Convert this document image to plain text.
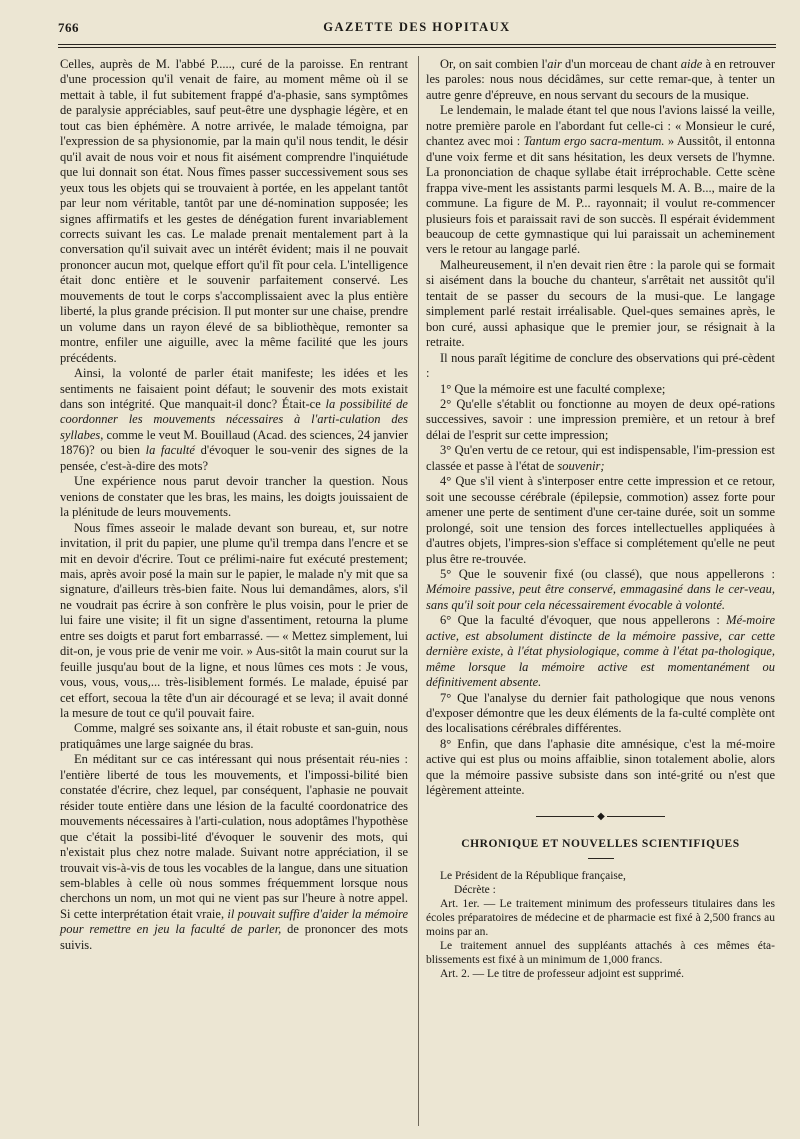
766	GAZETTE DES HOPITAUX

Celles, auprès de M. l'abbé P....., curé de la paroisse. En rentrant d'une procession qu'il venait de faire, au moment même où il se mettait à table, il fut subitement frappé d'a-phasie, sans symptômes de paralysie appréciables, sauf peut-être une dysphagie légère, et en tout cas bien éphémère. A notre arrivée, le malade témoigna, par l'expression de sa physionomie, par la main qu'il nous tendit, le désir qu'il avait de nous voir et nous fit aisément comprendre l'inquiétude que lui donnait son état. Nous fîmes passer successivement sous ses yeux tous les objets qui se trouvaient à portée, en les appelant tantôt par leur nom véritable, tantôt par une dé-nomination supposée; les signes affirmatifs et les gestes de dénégation furent invariablement corrects suivant les cas. Le malade prenait mentalement part à la conversation qu'il suivait avec un intérêt évident; mais il ne pouvait prononcer aucun mot, quelque effort qu'il fît pour cela. L'intelligence était donc entière et le souvenir parfaitement conservé. Les mouvements de tout le corps s'accomplissaient avec la plus entière liberté, la plus grande précision. Il put monter sur une chaise, prendre un volume dans un rayon élevé de sa bibliothèque, remonter sa montre, enfiler une aiguille, avec la même facilité que les jours précédents.

Ainsi, la volonté de parler était manifeste; les idées et les sentiments ne faisaient point défaut; le souvenir des mots existait dans son intégrité. Que manquait-il donc? Était-ce la possibilité de coordonner les mouvements nécessaires à l'arti-culation des syllabes, comme le veut M. Bouillaud (Acad. des sciences, 24 janvier 1876)? ou bien la faculté d'évoquer le sou-venir des signes de la pensée, c'est-à-dire des mots?

Une expérience nous parut devoir trancher la question. Nous venions de constater que les bras, les mains, les doigts jouissaient de la plénitude de leurs mouvements.

Nous fîmes asseoir le malade devant son bureau, et, sur notre invitation, il prit du papier, une plume qu'il trempa dans l'encre et se mit en devoir d'écrire. Tout ce prélimi-naire fut exécuté prestement; mais, après avoir posé la main sur le papier, le malade n'y mit que sa signature, d'ailleurs très-bien faite. Nous lui demandâmes, alors, s'il ne voudrait pas écrire à son confrère le plus voisin, pour le prier de lui faire une visite; il fit un signe d'assentiment, retourna la plume entre ses doigts et parut fort embarrassé. — « Mettez simplement, lui dit-on, je vous prie de venir me voir. » Aus-sitôt la main courut sur la feuille jusqu'au bout de la ligne, et nous lûmes ces mots : Je vous, vous, vous, vous,... très-lisiblement formés. Le malade, épuisé par cet effort, secoua la tête d'un air découragé et se leva; il avait donné la mesure de tout ce qu'il pouvait faire.

Comme, malgré ses soixante ans, il était robuste et san-guin, nous pratiquâmes une large saignée du bras.

En méditant sur ce cas intéressant qui nous présentait réu-nies : l'entière liberté de tous les mouvements, et l'impossi-bilité bien constatée d'écrire, chez lequel, par conséquent, l'aphasie ne pouvait résider toute entière dans une lésion de la faculté coordonatrice des mouvements nécessaires à l'arti-culation, nous adoptâmes l'hypothèse que c'était la possibi-lité d'évoquer le souvenir des mots, qui n'existait plus chez notre malade. Suivant notre appréciation, il se trouvait vis-à-vis de tous les vocables de la langue, dans une situation sem-blables à celle où nous sommes fréquemment lorsque nous cherchons un nom, un mot qui ne vient pas sur l'heure à notre appel. Si cette interprétation était vraie, il pouvait suffire d'aider la mémoire pour remettre en jeu la faculté de parler, de prononcer des mots suivis.

Or, on sait combien l'air d'un morceau de chant aide à en retrouver les paroles: nous nous décidâmes, sur cette remar-que, à tenter un autre genre d'épreuve, en nous servant du secours de la musique.

Le lendemain, le malade étant tel que nous l'avions laissé la veille, notre première parole en l'abordant fut celle-ci : « Monsieur le curé, chantez avec moi : Tantum ergo sacra-mentum. » Aussitôt, il entonna d'une voix ferme et dit sans hésitation, les deux versets de l'hymne. La prononciation de chaque syllabe était irréprochable. Cette scène frappa vive-ment les assistants parmi lesquels M. A. B..., maire de la commune. La figure de M. P... rayonnait; il voulut re-commencer plusieurs fois et paraissait ravi de son succès. Il espérait évidemment beaucoup de cette gymnastique qui lui paraissait un acheminement vers le retour au langage parlé.

Malheureusement, il n'en devait rien être : la parole qui se formait si aisément dans la bouche du chanteur, s'arrêtait net aussitôt qu'il tentait de se passer du secours de la musi-que. Le langage simplement parlé restait irréalisable. Quel-ques semaines après, le bon curé, aussi aphasique que le premier jour, se résignait à la retraite.

Il nous paraît légitime de conclure des observations qui pré-cèdent :

1° Que la mémoire est une faculté complexe;

2° Qu'elle s'établit ou fonctionne au moyen de deux opé-rations successives, savoir : une impression première, et un retour à bref délai de l'esprit sur cette impression;

3° Qu'en vertu de ce retour, qui est indispensable, l'im-pression est classée et passe à l'état de souvenir;

4° Que s'il vient à s'interposer entre cette impression et ce retour, soit une secousse cérébrale (épilepsie, commotion) assez forte pour amener une perte de sentiment d'une cer-taine durée, soit un somme prolongé, soit une tension des forces intellectuelles appliquées à d'autres objets, l'impres-sion s'efface si complétement qu'elle ne peut plus être re-trouvée.

5° Que le souvenir fixé (ou classé), que nous appellerons : Mémoire passive, peut être conservé, emmagasiné dans le cer-veau, sans qu'il soit pour cela nécessairement évocable à volonté.

6° Que la faculté d'évoquer, que nous appellerons : Mé-moire active, est absolument distincte de la mémoire passive, car cette dernière existe, à l'état physiologique, comme à l'état pa-thologique, même lorsque la mémoire active est momentanément ou définitivement absente.

7° Que l'analyse du dernier fait pathologique que nous venons d'exposer démontre que les deux éléments de la fa-culté complète ont des localisations cérébrales différentes.

8° Enfin, que dans l'aphasie dite amnésique, c'est la mé-moire active qui est plus ou moins affaiblie, sinon totalement abolie, alors que la mémoire passive subsiste dans son inté-grité ou n'est que légèrement atteinte.

◆
CHRONIQUE ET NOUVELLES SCIENTIFIQUES

Le Président de la République française,

Décrète :

Art. 1er. — Le traitement minimum des professeurs titulaires dans les écoles préparatoires de médecine et de pharmacie est fixé à 2,500 francs au moins par an.

Le traitement annuel des suppléants attachés à ces mêmes éta-blissements est fixé à un minimum de 1,000 francs.

Art. 2. — Le titre de professeur adjoint est supprimé.
